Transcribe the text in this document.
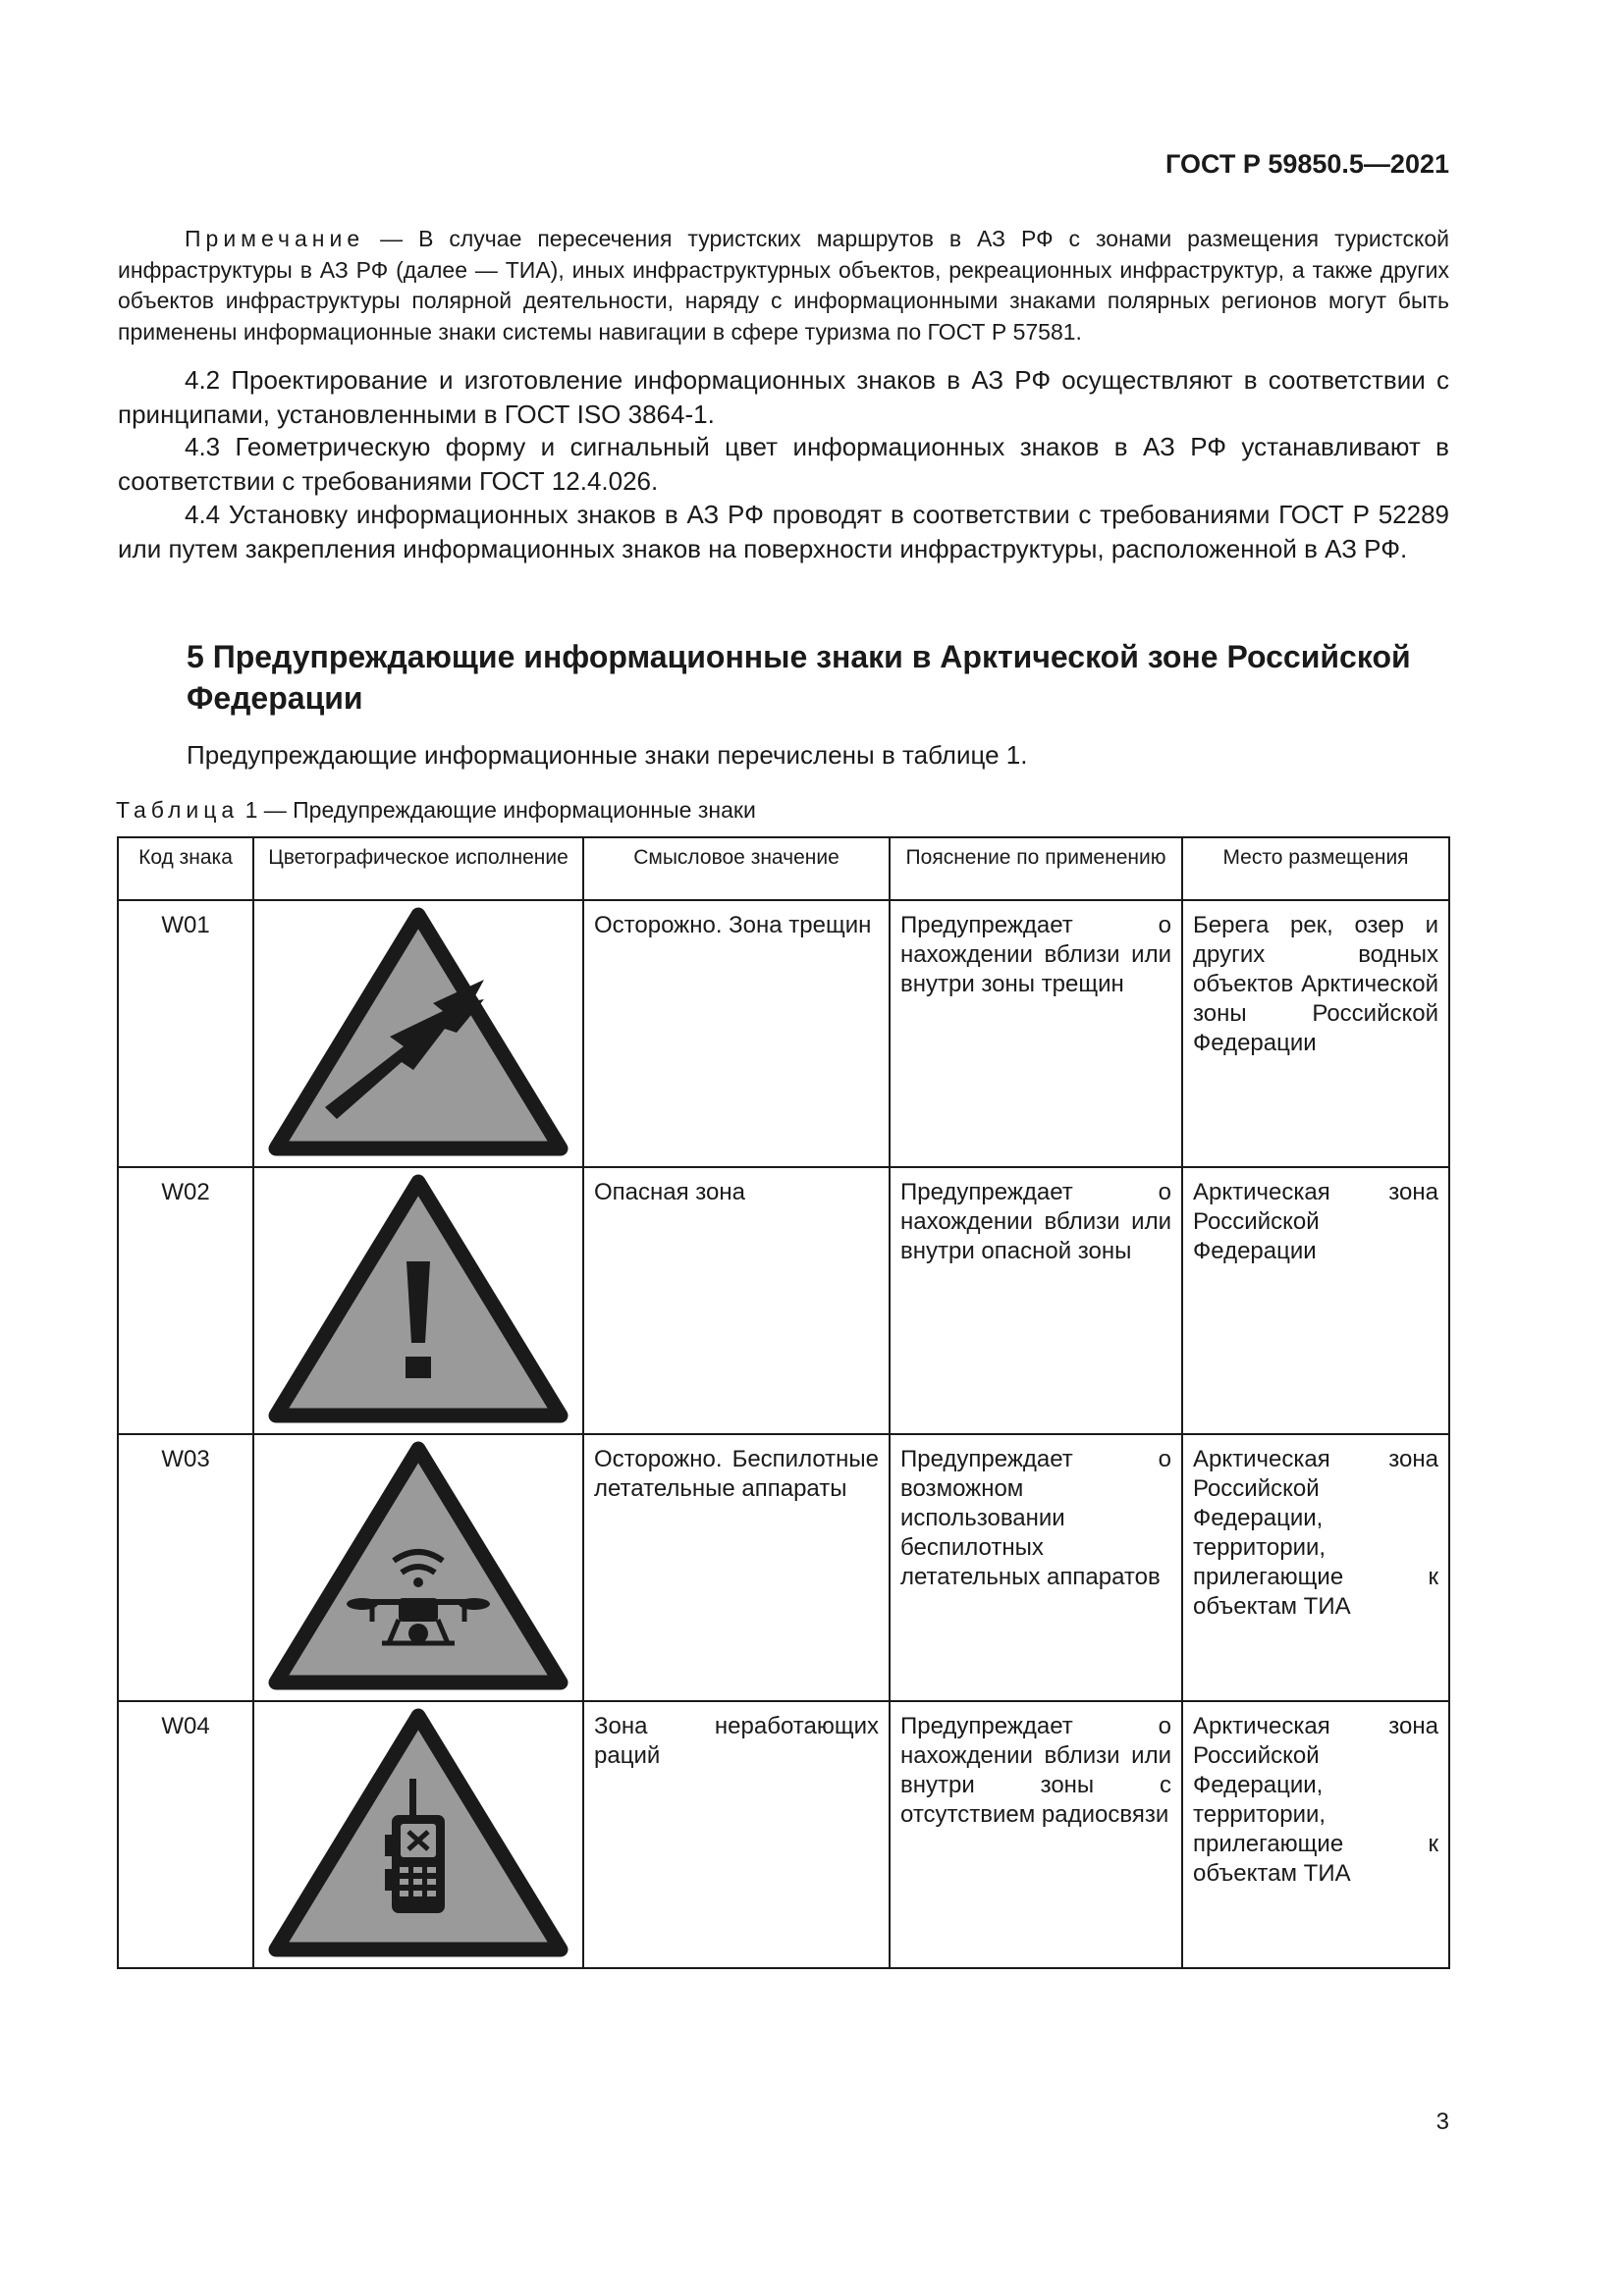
ГОСТ Р 59850.5—2021
Примечание — В случае пересечения туристских маршрутов в АЗ РФ с зонами размещения туристской инфраструктуры в АЗ РФ (далее — ТИА), иных инфраструктурных объектов, рекреационных инфраструктур, а также других объектов инфраструктуры полярной деятельности, наряду с информационными знаками полярных регионов могут быть применены информационные знаки системы навигации в сфере туризма по ГОСТ Р 57581.

4.2 Проектирование и изготовление информационных знаков в АЗ РФ осуществляют в соответствии с принципами, установленными в ГОСТ ISO 3864-1.

4.3 Геометрическую форму и сигнальный цвет информационных знаков в АЗ РФ устанавливают в соответствии с требованиями ГОСТ 12.4.026.

4.4 Установку информационных знаков в АЗ РФ проводят в соответствии с требованиями ГОСТ Р 52289 или путем закрепления информационных знаков на поверхности инфраструктуры, расположенной в АЗ РФ.

5 Предупреждающие информационные знаки в Арктической зоне Российской Федерации

Предупреждающие информационные знаки перечислены в таблице 1.

Таблица 1 — Предупреждающие информационные знаки

Код знака	Цветографическое исполнение	Смысловое значение	Пояснение по применению	Место размещения
W01		Осторожно. Зона трещин	Предупреждает о нахождении вблизи или внутри зоны трещин	Берега рек, озер и других водных объектов Арктической зоны Российской Федерации
W02		Опасная зона	Предупреждает о нахождении вблизи или внутри опасной зоны	Арктическая зона Российской Федерации
W03		Осторожно. Беспилотные летательные аппараты	Предупреждает о возможном использовании беспилотных летательных аппаратов	Арктическая зона Российской Федерации, территории, прилегающие к объектам ТИА
W04		Зона неработающих раций	Предупреждает о нахождении вблизи или внутри зоны с отсутствием радиосвязи	Арктическая зона Российской Федерации, территории, прилегающие к объектам ТИА
3
